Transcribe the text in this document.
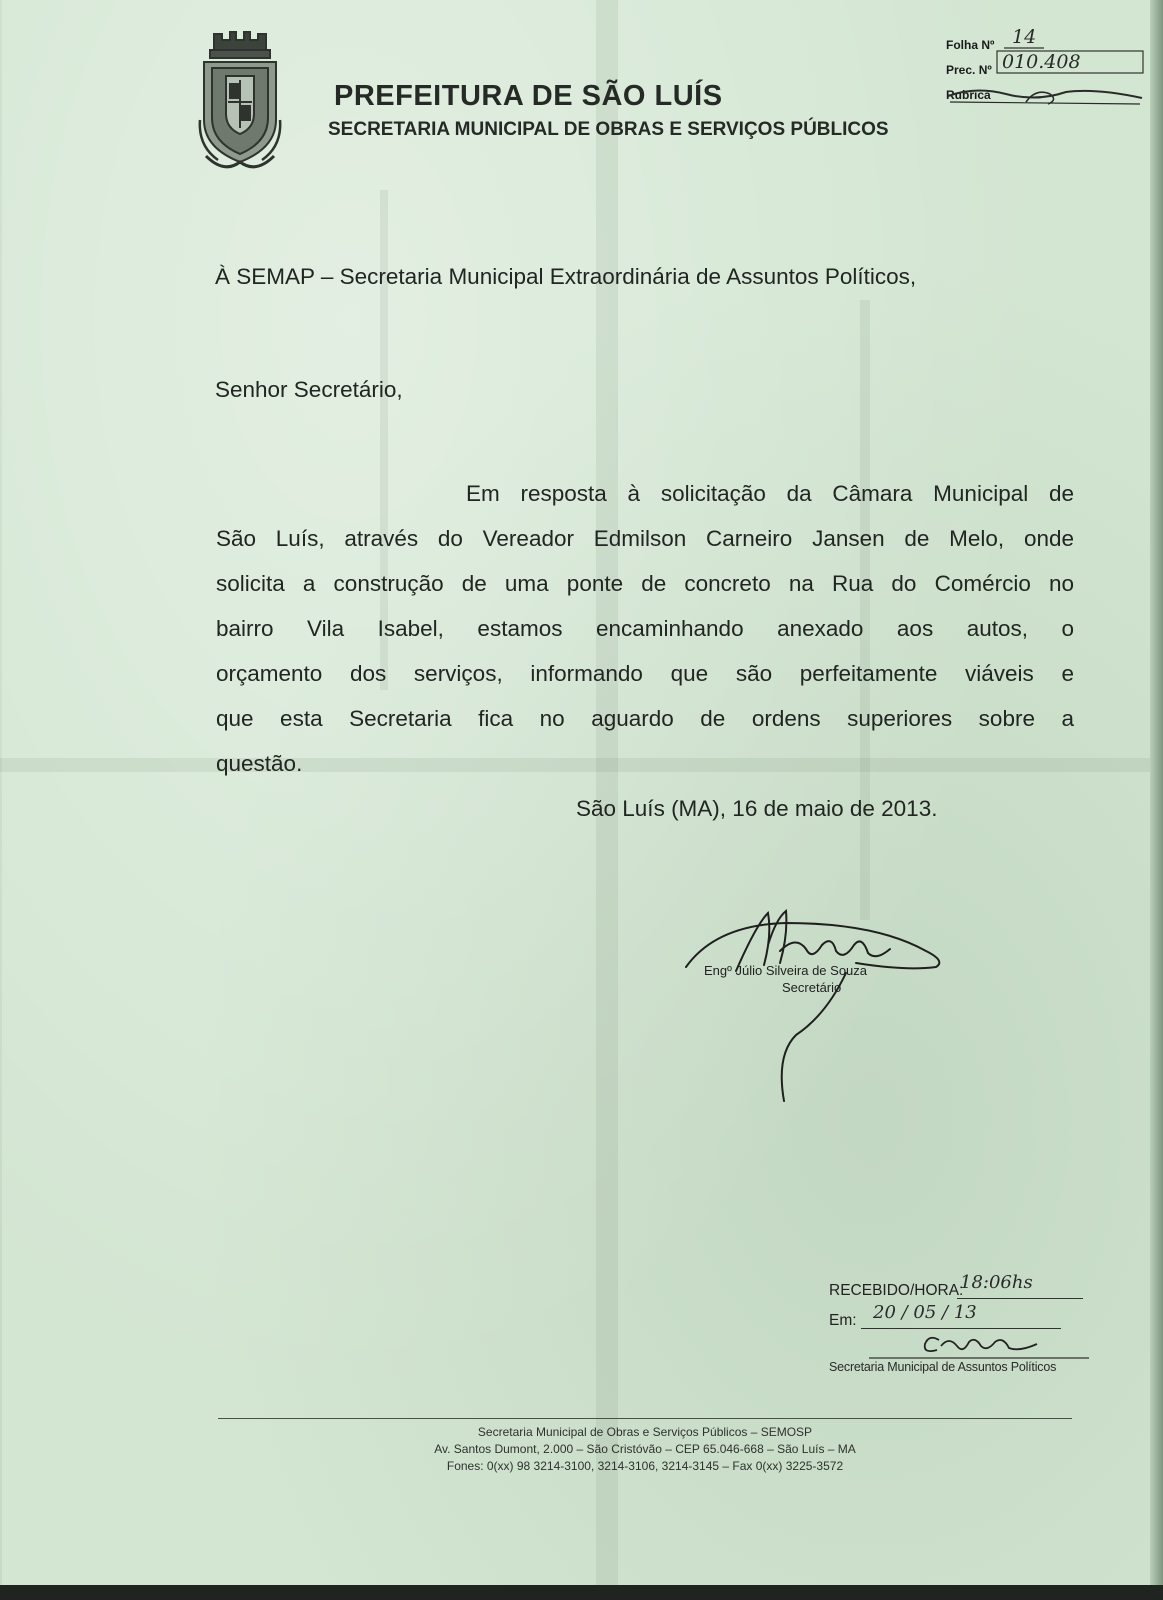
PREFEITURA DE SÃO LUÍS
SECRETARIA MUNICIPAL DE OBRAS E SERVIÇOS PÚBLICOS
Folha Nº 14
Prec. Nº 010.408
Rubrica
À SEMAP – Secretaria Municipal Extraordinária de Assuntos Políticos,
Senhor Secretário,
Em resposta à solicitação da Câmara Municipal de
São Luís, através do Vereador Edmilson Carneiro Jansen de Melo, onde
solicita a construção de uma ponte de concreto na Rua do Comércio no
bairro Vila Isabel, estamos encaminhando anexado aos autos, o
orçamento dos serviços, informando que são perfeitamente viáveis e
que esta Secretaria fica no aguardo de ordens superiores sobre a
questão.
São Luís (MA), 16 de maio de 2013.
Engº Júlio Silveira de Souza
Secretário
RECEBIDO/HORA:
18:06hs
Em: 20 / 05 / 13
Secretaria Municipal de Assuntos Políticos
Secretaria Municipal de Obras e Serviços Públicos – SEMOSP
Av. Santos Dumont, 2.000 – São Cristóvão – CEP 65.046-668 – São Luís – MA
Fones: 0(xx) 98 3214-3100, 3214-3106, 3214-3145 – Fax 0(xx) 3225-3572
